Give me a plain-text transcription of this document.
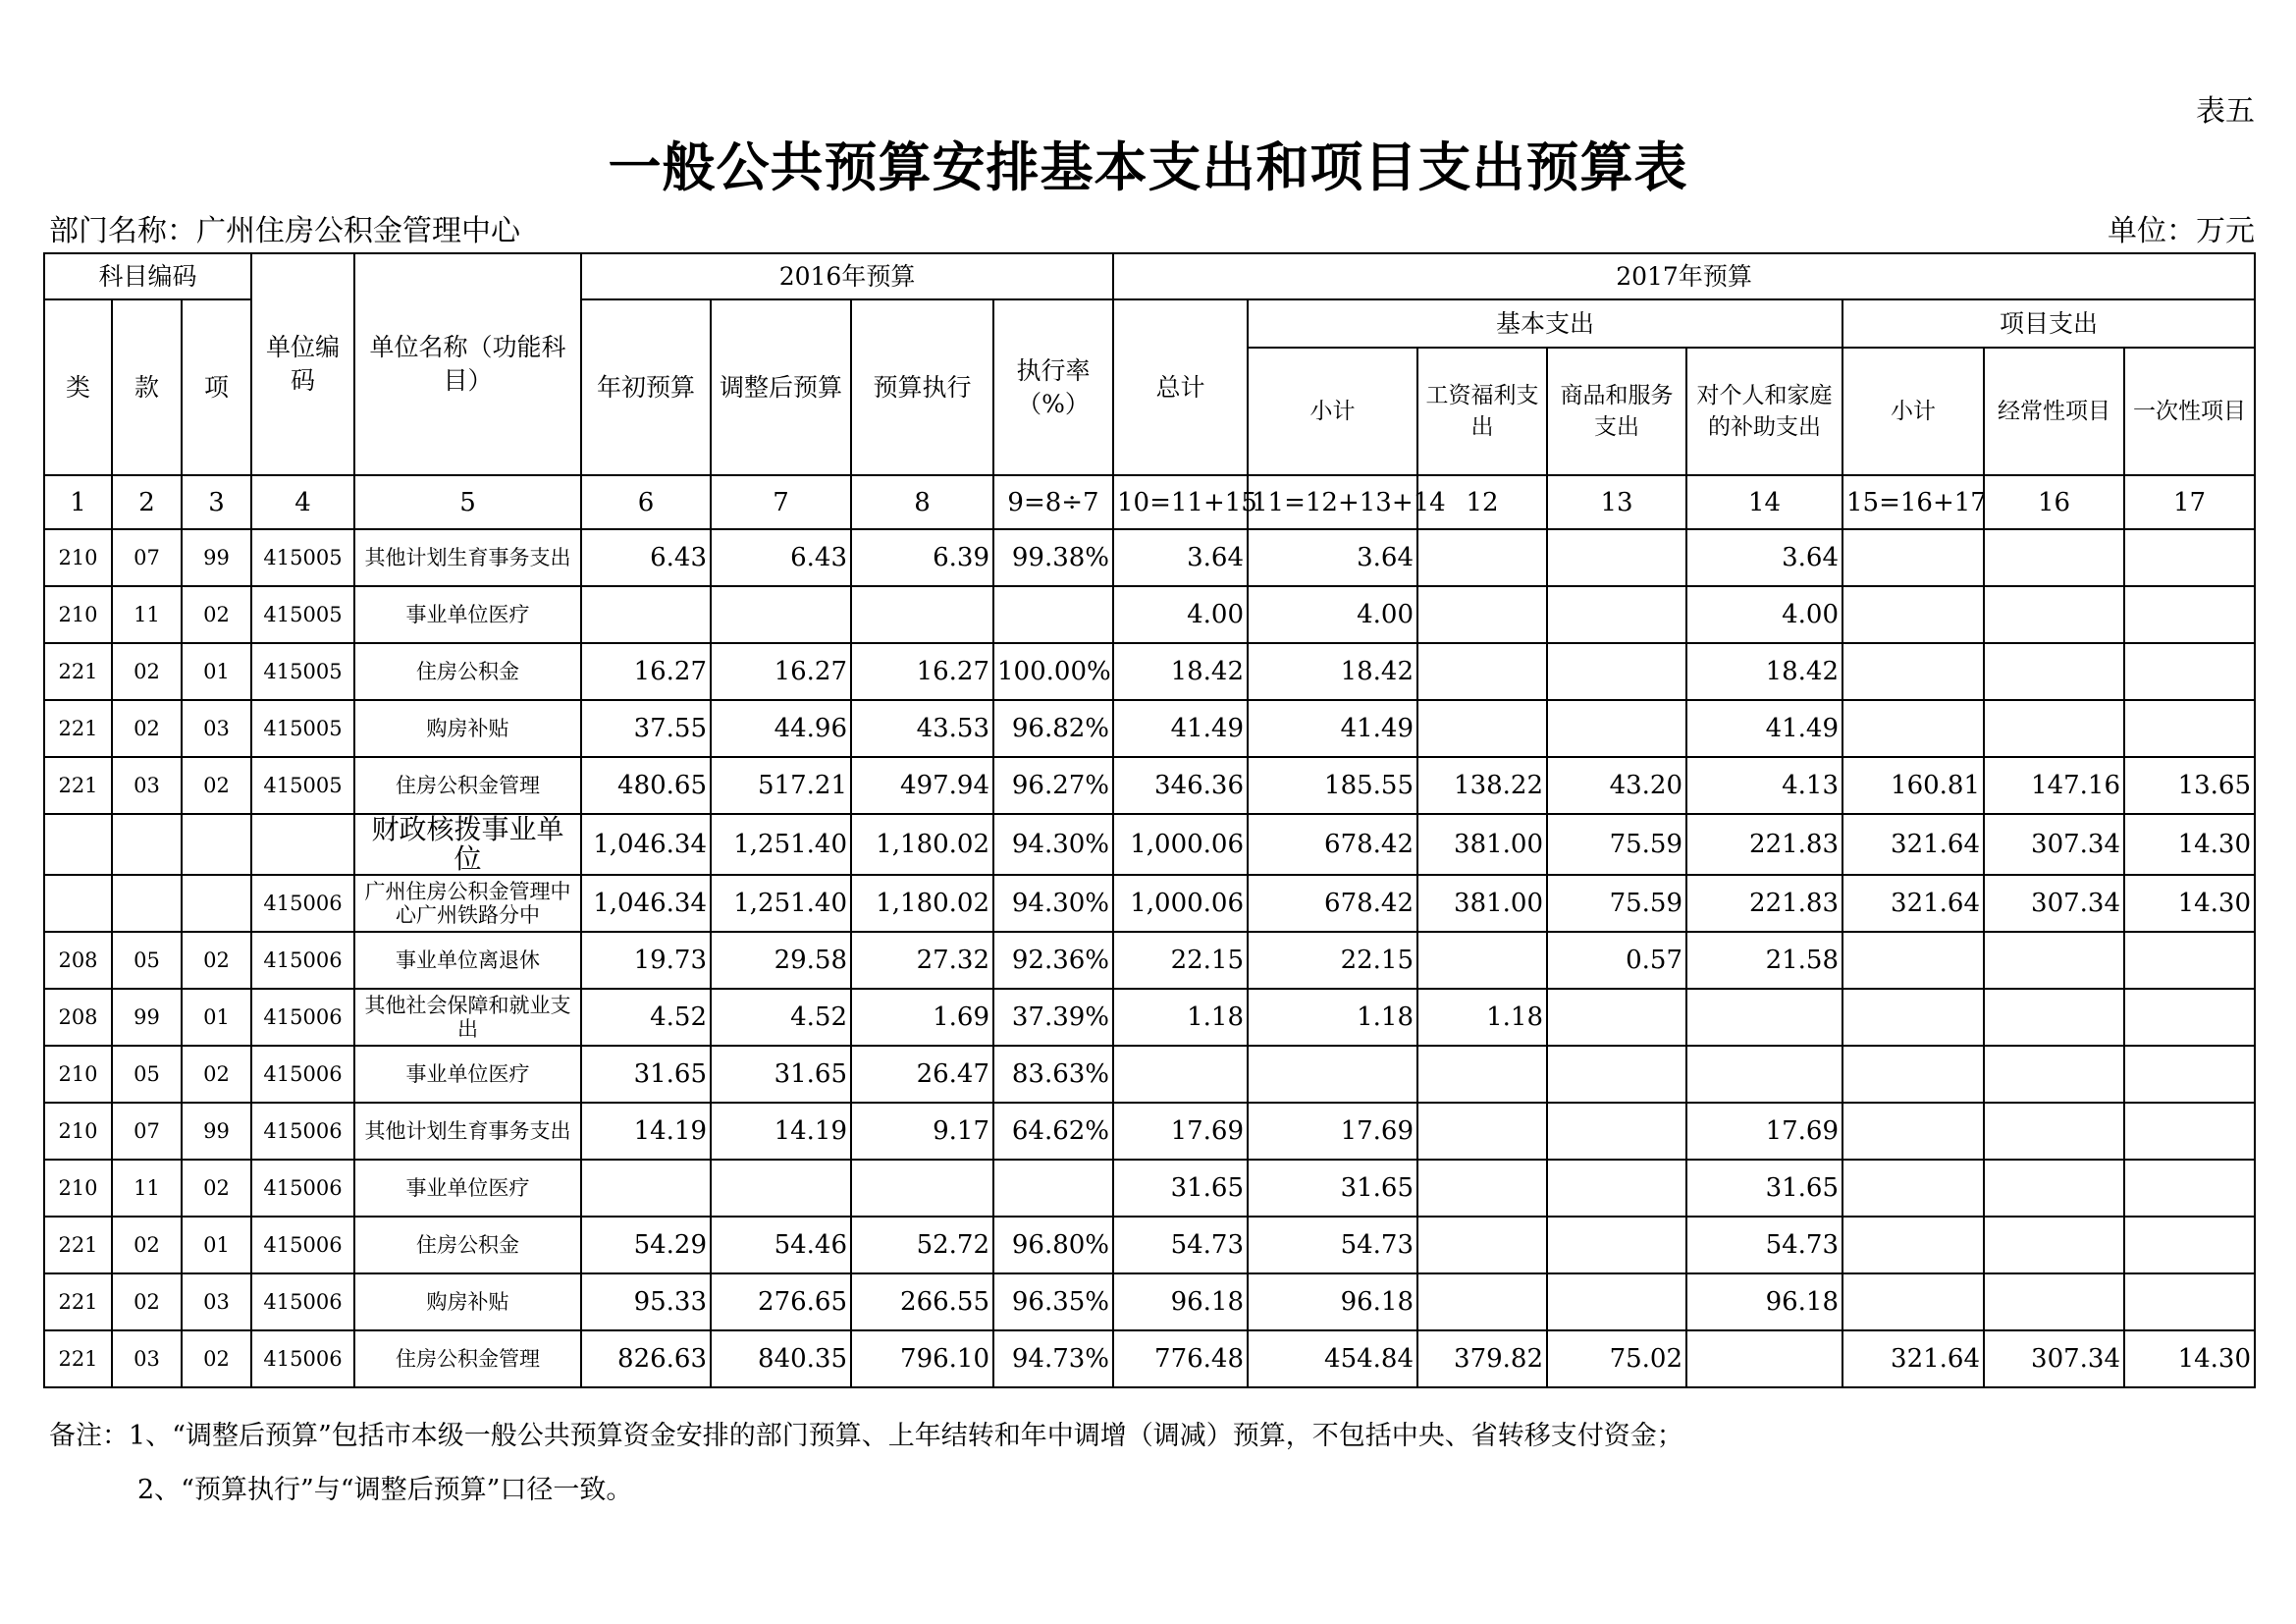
表五
一般公共预算安排基本支出和项目支出预算表
部门名称：广州住房公积金管理中心	单位：万元
科目编码			单位编码	单位名称（功能科目）	2016年预算				2017年预算							
类	款	项			年初预算	调整后预算	预算执行	执行率（%）	总计	基本支出				项目支出		
										小计	工资福利支出	商品和服务支出	对个人和家庭的补助支出	小计	经常性项目	一次性项目
1	2	3	4	5	6	7	8	9=8÷7	10=11+15	11=12+13+14	12	13	14	15=16+17	16	17
210	07	99	415005	其他计划生育事务支出	6.43	6.43	6.39	99.38%	3.64	3.64			3.64			
210	11	02	415005	事业单位医疗					4.00	4.00			4.00			
221	02	01	415005	住房公积金	16.27	16.27	16.27	100.00%	18.42	18.42			18.42			
221	02	03	415005	购房补贴	37.55	44.96	43.53	96.82%	41.49	41.49			41.49			
221	03	02	415005	住房公积金管理	480.65	517.21	497.94	96.27%	346.36	185.55	138.22	43.20	4.13	160.81	147.16	13.65
				财政核拨事业单位	1,046.34	1,251.40	1,180.02	94.30%	1,000.06	678.42	381.00	75.59	221.83	321.64	307.34	14.30
			415006	广州住房公积金管理中心广州铁路分中	1,046.34	1,251.40	1,180.02	94.30%	1,000.06	678.42	381.00	75.59	221.83	321.64	307.34	14.30
208	05	02	415006	事业单位离退休	19.73	29.58	27.32	92.36%	22.15	22.15		0.57	21.58			
208	99	01	415006	其他社会保障和就业支出	4.52	4.52	1.69	37.39%	1.18	1.18	1.18					
210	05	02	415006	事业单位医疗	31.65	31.65	26.47	83.63%								
210	07	99	415006	其他计划生育事务支出	14.19	14.19	9.17	64.62%	17.69	17.69			17.69			
210	11	02	415006	事业单位医疗					31.65	31.65			31.65			
221	02	01	415006	住房公积金	54.29	54.46	52.72	96.80%	54.73	54.73			54.73			
221	02	03	415006	购房补贴	95.33	276.65	266.55	96.35%	96.18	96.18			96.18			
221	03	02	415006	住房公积金管理	826.63	840.35	796.10	94.73%	776.48	454.84	379.82	75.02		321.64	307.34	14.30
备注：1、“调整后预算”包括市本级一般公共预算资金安排的部门预算、上年结转和年中调增（调减）预算，不包括中央、省转移支付资金；
2、“预算执行”与“调整后预算”口径一致。
